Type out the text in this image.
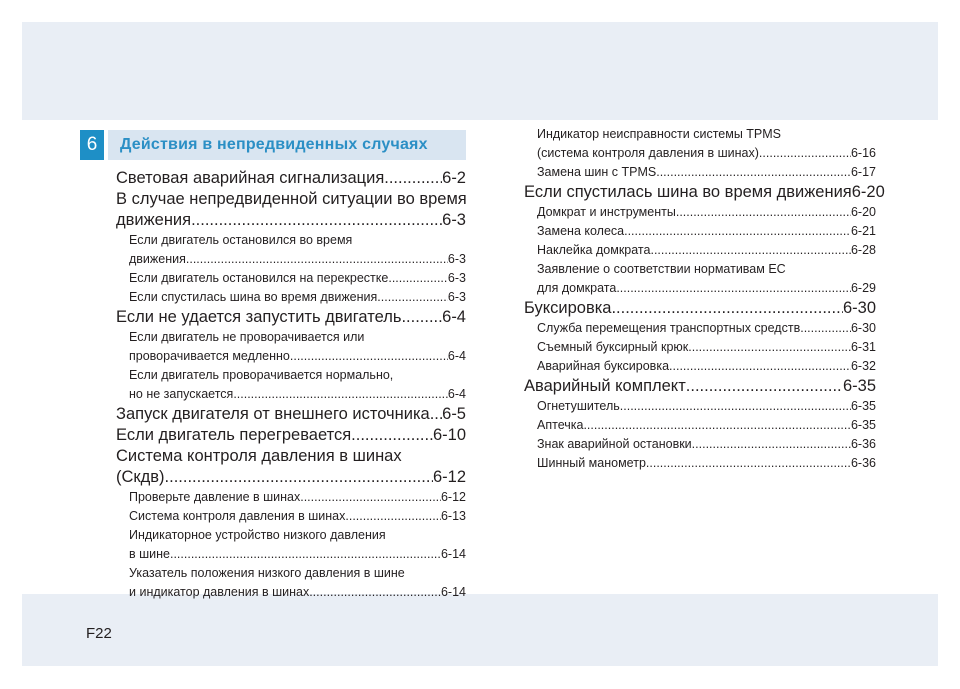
F22
6	Действия в непредвиденных случаях
Световая аварийная сигнализация .....	6-2
В случае непредвиденной ситуации во время
движения .....	6-3
Если двигатель остановился во время
движения .....	6-3
Если двигатель остановился на перекрестке .....	6-3
Если спустилась шина во время движения .....	6-3
Если не удается запустить двигатель ..... 6-4
Если двигатель не проворачивается или
проворачивается медленно .....	6-4
Если двигатель проворачивается нормально,
но не запускается .....	6-4
Запуск двигателя от внешнего источника ..... 6-5
Если двигатель перегревается .....	6-10
Система контроля давления в шинах
(Скдв) .....	6-12
Проверьте давление в шинах .....	6-12
Система контроля давления в шинах .....	6-13
Индикаторное устройство низкого давления
в шине .....	6-14
Указатель положения низкого давления в шине
и индикатор давления в шинах .....	6-14
Индикатор неисправности системы TPMS
(система контроля давления в шинах) .....	6-16
Замена шин с TPMS .....	6-17
Если спустилась шина во время движения 6-20
Домкрат и инструменты .....	6-20
Замена колеса .....	6-21
Наклейка домкрата .....	6-28
Заявление о соответствии нормативам ЕС
для домкрата .....	6-29
Буксировка .....	6-30
Служба перемещения транспортных средств .....	6-30
Съемный буксирный крюк .....	6-31
Аварийная буксировка .....	6-32
Аварийный комплект .....	6-35
Огнетушитель .....	6-35
Аптечка .....	6-35
Знак аварийной остановки .....	6-36
Шинный манометр .....	6-36
